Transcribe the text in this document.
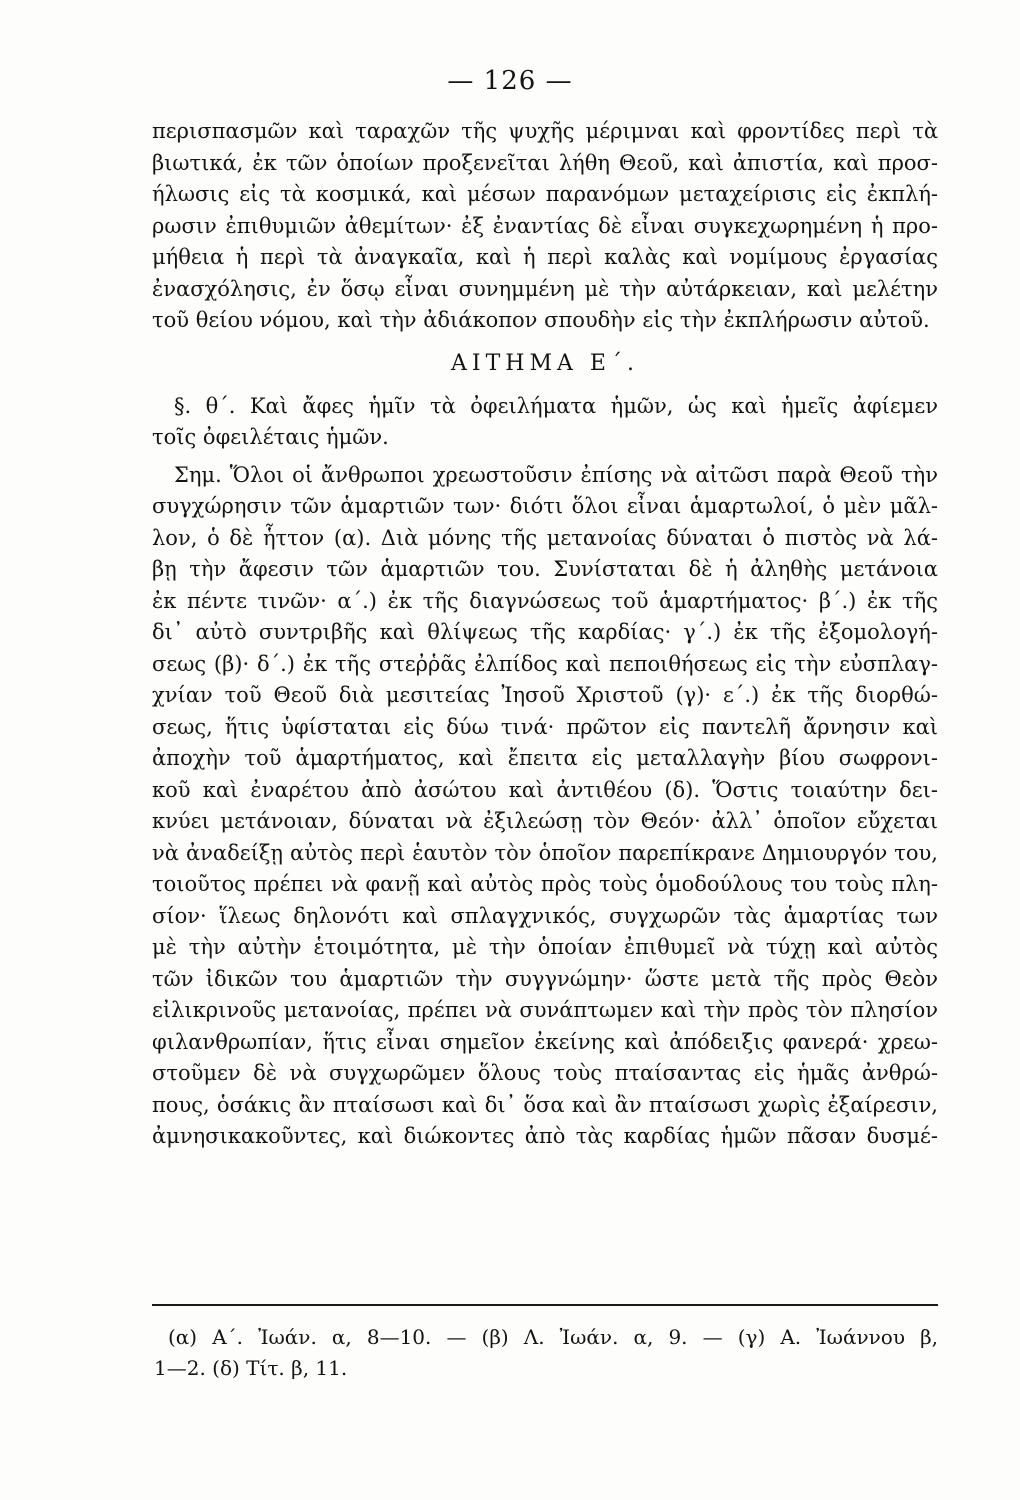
— 126 —
περισπασμῶν καὶ ταραχῶν τῆς ψυχῆς μέριμναι καὶ φροντίδες περὶ τὰ
βιωτικά, ἐκ τῶν ὁποίων προξενεῖται λήθη Θεοῦ, καὶ ἀπιστία, καὶ προσ-
ήλωσις εἰς τὰ κοσμικά, καὶ μέσων παρανόμων μεταχείρισις εἰς ἐκπλή-
ρωσιν ἐπιθυμιῶν ἀθεμίτων· ἐξ ἐναντίας δὲ εἶναι συγκεχωρημένη ἡ προ-
μήθεια ἡ περὶ τὰ ἀναγκαῖα, καὶ ἡ περὶ καλὰς καὶ νομίμους ἐργασίας
ἐνασχόλησις, ἐν ὅσῳ εἶναι συνημμένη μὲ τὴν αὐτάρκειαν, καὶ μελέτην
τοῦ θείου νόμου, καὶ τὴν ἀδιάκοπον σπουδὴν εἰς τὴν ἐκπλήρωσιν αὐτοῦ.
ΑΙΤΗΜΑ Ε΄.
§. θ΄. Καὶ ἄφες ἡμῖν τὰ ὀφειλήματα ἡμῶν, ὡς καὶ ἡμεῖς ἀφίεμεν
τοῖς ὀφειλέταις ἡμῶν.
Σημ. Ὅλοι οἱ ἄνθρωποι χρεωστοῦσιν ἐπίσης νὰ αἰτῶσι παρὰ Θεοῦ τὴν
συγχώρησιν τῶν ἁμαρτιῶν των· διότι ὅλοι εἶναι ἁμαρτωλοί, ὁ μὲν μᾶλ-
λον, ὁ δὲ ἧττον (α). Διὰ μόνης τῆς μετανοίας δύναται ὁ πιστὸς νὰ λά-
βῃ τὴν ἄφεσιν τῶν ἁμαρτιῶν του. Συνίσταται δὲ ἡ ἀληθὴς μετάνοια
ἐκ πέντε τινῶν· α΄.) ἐκ τῆς διαγνώσεως τοῦ ἁμαρτήματος· β΄.) ἐκ τῆς
δι᾽ αὐτὸ συντριβῆς καὶ θλίψεως τῆς καρδίας· γ΄.) ἐκ τῆς ἐξομολογή-
σεως (β)· δ΄.) ἐκ τῆς στεῤῥᾶς ἐλπίδος καὶ πεποιθήσεως εἰς τὴν εὐσπλαγ-
χνίαν τοῦ Θεοῦ διὰ μεσιτείας Ἰησοῦ Χριστοῦ (γ)· ε΄.) ἐκ τῆς διορθώ-
σεως, ἥτις ὑφίσταται εἰς δύω τινά· πρῶτον εἰς παντελῆ ἄρνησιν καὶ
ἀποχὴν τοῦ ἁμαρτήματος, καὶ ἔπειτα εἰς μεταλλαγὴν βίου σωφρονι-
κοῦ καὶ ἐναρέτου ἀπὸ ἀσώτου καὶ ἀντιθέου (δ). Ὅστις τοιαύτην δει-
κνύει μετάνοιαν, δύναται νὰ ἐξιλεώσῃ τὸν Θεόν· ἀλλ᾽ ὁποῖον εὔχεται
νὰ ἀναδείξῃ αὐτὸς περὶ ἑαυτὸν τὸν ὁποῖον παρεπίκρανε Δημιουργόν του,
τοιοῦτος πρέπει νὰ φανῇ καὶ αὐτὸς πρὸς τοὺς ὁμοδούλους του τοὺς πλη-
σίον· ἵλεως δηλονότι καὶ σπλαγχνικός, συγχωρῶν τὰς ἁμαρτίας των
μὲ τὴν αὐτὴν ἑτοιμότητα, μὲ τὴν ὁποίαν ἐπιθυμεῖ νὰ τύχῃ καὶ αὐτὸς
τῶν ἰδικῶν του ἁμαρτιῶν τὴν συγγνώμην· ὥστε μετὰ τῆς πρὸς Θεὸν
εἰλικρινοῦς μετανοίας, πρέπει νὰ συνάπτωμεν καὶ τὴν πρὸς τὸν πλησίον
φιλανθρωπίαν, ἥτις εἶναι σημεῖον ἐκείνης καὶ ἀπόδειξις φανερά· χρεω-
στοῦμεν δὲ νὰ συγχωρῶμεν ὅλους τοὺς πταίσαντας εἰς ἡμᾶς ἀνθρώ-
πους, ὁσάκις ἂν πταίσωσι καὶ δι᾽ ὅσα καὶ ἂν πταίσωσι χωρὶς ἐξαίρεσιν,
ἀμνησικακοῦντες, καὶ διώκοντες ἀπὸ τὰς καρδίας ἡμῶν πᾶσαν δυσμέ-
(α) Α΄. Ἰωάν. α, 8—10. — (β) Λ. Ἰωάν. α, 9. — (γ) Α. Ἰωάννου β,
1—2. (δ) Τίτ. β, 11.
